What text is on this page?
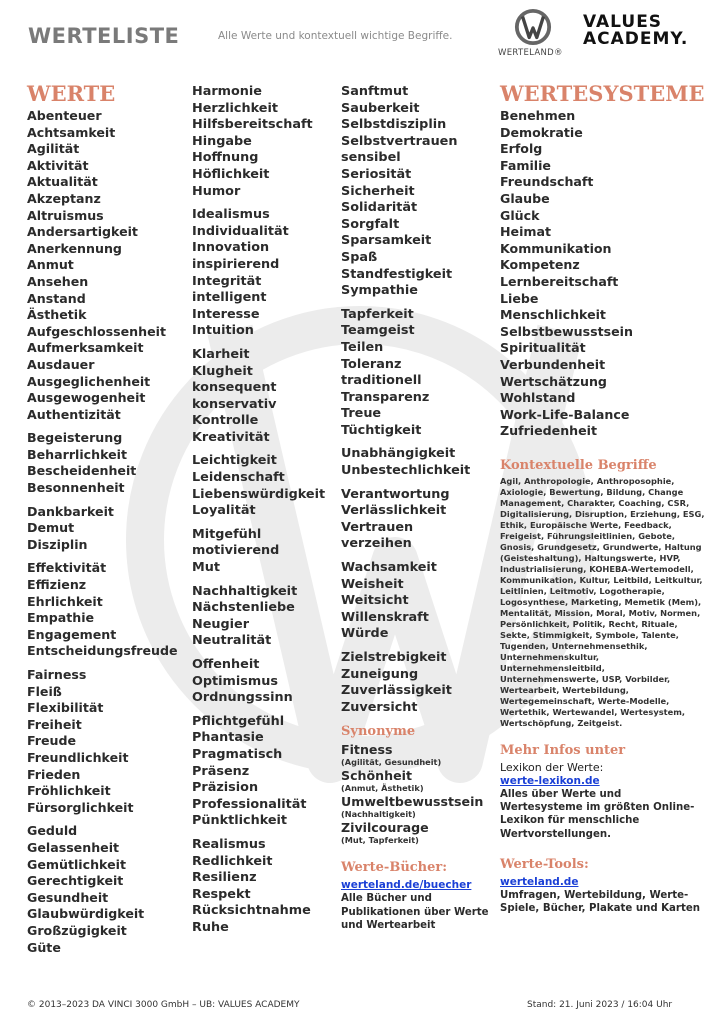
WERTELISTE	Alle Werte und kontextuell wichtige Begriffe.
WERTELAND®
VALUES
ACADEMY.
WERTE
Abenteuer
Achtsamkeit
Agilität
Aktivität
Aktualität
Akzeptanz
Altruismus
Andersartigkeit
Anerkennung
Anmut
Ansehen
Anstand
Ästhetik
Aufgeschlossenheit
Aufmerksamkeit
Ausdauer
Ausgeglichenheit
Ausgewogenheit
Authentizität
Begeisterung
Beharrlichkeit
Bescheidenheit
Besonnenheit
Dankbarkeit
Demut
Disziplin
Effektivität
Effizienz
Ehrlichkeit
Empathie
Engagement
Entscheidungsfreude
Fairness
Fleiß
Flexibilität
Freiheit
Freude
Freundlichkeit
Frieden
Fröhlichkeit
Fürsorglichkeit
Geduld
Gelassenheit
Gemütlichkeit
Gerechtigkeit
Gesundheit
Glaubwürdigkeit
Großzügigkeit
Güte
Harmonie
Herzlichkeit
Hilfsbereitschaft
Hingabe
Hoffnung
Höflichkeit
Humor
Idealismus
Individualität
Innovation
inspirierend
Integrität
intelligent
Interesse
Intuition
Klarheit
Klugheit
konsequent
konservativ
Kontrolle
Kreativität
Leichtigkeit
Leidenschaft
Liebenswürdigkeit
Loyalität
Mitgefühl
motivierend
Mut
Nachhaltigkeit
Nächstenliebe
Neugier
Neutralität
Offenheit
Optimismus
Ordnungssinn
Pflichtgefühl
Phantasie
Pragmatisch
Präsenz
Präzision
Professionalität
Pünktlichkeit
Realismus
Redlichkeit
Resilienz
Respekt
Rücksichtnahme
Ruhe
Sanftmut
Sauberkeit
Selbstdisziplin
Selbstvertrauen
sensibel
Seriosität
Sicherheit
Solidarität
Sorgfalt
Sparsamkeit
Spaß
Standfestigkeit
Sympathie
Tapferkeit
Teamgeist
Teilen
Toleranz
traditionell
Transparenz
Treue
Tüchtigkeit
Unabhängigkeit
Unbestechlichkeit
Verantwortung
Verlässlichkeit
Vertrauen
verzeihen
Wachsamkeit
Weisheit
Weitsicht
Willenskraft
Würde
Zielstrebigkeit
Zuneigung
Zuverlässigkeit
Zuversicht
Synonyme
Fitness
(Agilität, Gesundheit)
Schönheit
(Anmut, Ästhetik)
Umweltbewusstsein
(Nachhaltigkeit)
Zivilcourage
(Mut, Tapferkeit)
Werte-Bücher:
werteland.de/buecher
Alle Bücher und Publikationen über Werte und Wertearbeit
WERTESYSTEME
Benehmen
Demokratie
Erfolg
Familie
Freundschaft
Glaube
Glück
Heimat
Kommunikation
Kompetenz
Lernbereitschaft
Liebe
Menschlichkeit
Selbstbewusstsein
Spiritualität
Verbundenheit
Wertschätzung
Wohlstand
Work-Life-Balance
Zufriedenheit
Kontextuelle Begriffe
Agil, Anthropologie, Anthroposophie, Axiologie, Bewertung, Bildung, Change Management, Charakter, Coaching, CSR, Digitalisierung, Disruption, Erziehung, ESG, Ethik, Europäische Werte, Feedback, Freigeist, Führungsleitlinien, Gebote, Gnosis, Grundgesetz, Grundwerte, Haltung (Geisteshaltung), Haltungswerte, HVP, Industrialisierung, KOHEBA-Wertemodell, Kommunikation, Kultur, Leitbild, Leitkultur, Leitlinien, Leitmotiv, Logotherapie, Logosynthese, Marketing, Memetik (Mem), Mentalität, Mission, Moral, Motiv, Normen, Persönlichkeit, Politik, Recht, Rituale, Sekte, Stimmigkeit, Symbole, Talente, Tugenden, Unternehmensethik, Unternehmenskultur, Unternehmensleitbild, Unternehmenswerte, USP, Vorbilder, Wertearbeit, Wertebildung, Wertegemeinschaft, Werte-Modelle, Wertethik, Wertewandel, Wertesystem, Wertschöpfung, Zeitgeist.
Mehr Infos unter
Lexikon der Werte:
werte-lexikon.de
Alles über Werte und Wertesysteme im größten Online-Lexikon für menschliche Wertvorstellungen.
Werte-Tools:
werteland.de
Umfragen, Wertebildung, Werte-Spiele, Bücher, Plakate und Karten
© 2013–2023 DA VINCI 3000 GmbH – UB: VALUES ACADEMY	Stand: 21. Juni 2023 / 16:04 Uhr
